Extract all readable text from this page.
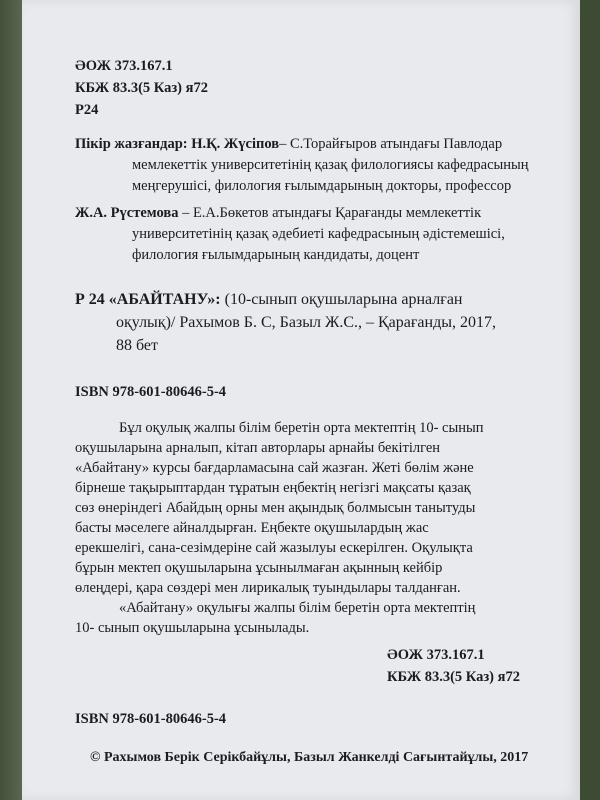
ӘОЖ 373.167.1
КБЖ 83.3(5 Каз) я72
Р24
Пікір жазғандар: Н.Қ. Жүсіпов– С.Торайғыров атындағы Павлодар
мемлекеттік университетінің қазақ филологиясы кафедрасының
меңгерушісі, филология ғылымдарының докторы, профессор
Ж.А. Рүстемова – Е.А.Бөкетов атындағы Қарағанды мемлекеттік
университетінің қазақ әдебиеті кафедрасының әдістемешісі,
филология ғылымдарының кандидаты, доцент
Р 24 «АБАЙТАНУ»: (10-сынып оқушыларына арналған
оқулық)/ Рахымов Б. С, Базыл Ж.С., – Қарағанды, 2017,
88 бет
ISBN 978-601-80646-5-4
Бұл оқулық жалпы білім беретін орта мектептің 10- сынып
оқушыларына арналып, кітап авторлары арнайы бекітілген
«Абайтану» курсы бағдарламасына сай жазған. Жеті бөлім және
бірнеше тақырыптардан тұратын еңбектің негізгі мақсаты қазақ
сөз өнеріндегі Абайдың орны мен ақындық болмысын танытуды
басты мәселеге айналдырған. Еңбекте оқушылардың жас
ерекшелігі, сана-сезімдеріне сай жазылуы ескерілген. Оқулықта
бұрын мектеп оқушыларына ұсынылмаған ақынның кейбір
өлеңдері, қара сөздері мен лирикалық туындылары талданған.
«Абайтану» оқулығы жалпы білім беретін орта мектептің
10- сынып оқушыларына ұсынылады.
ӘОЖ 373.167.1
КБЖ 83.3(5 Каз) я72
ISBN 978-601-80646-5-4
© Рахымов Берік Серікбайұлы, Базыл Жанкелді Сағынтайұлы, 2017
